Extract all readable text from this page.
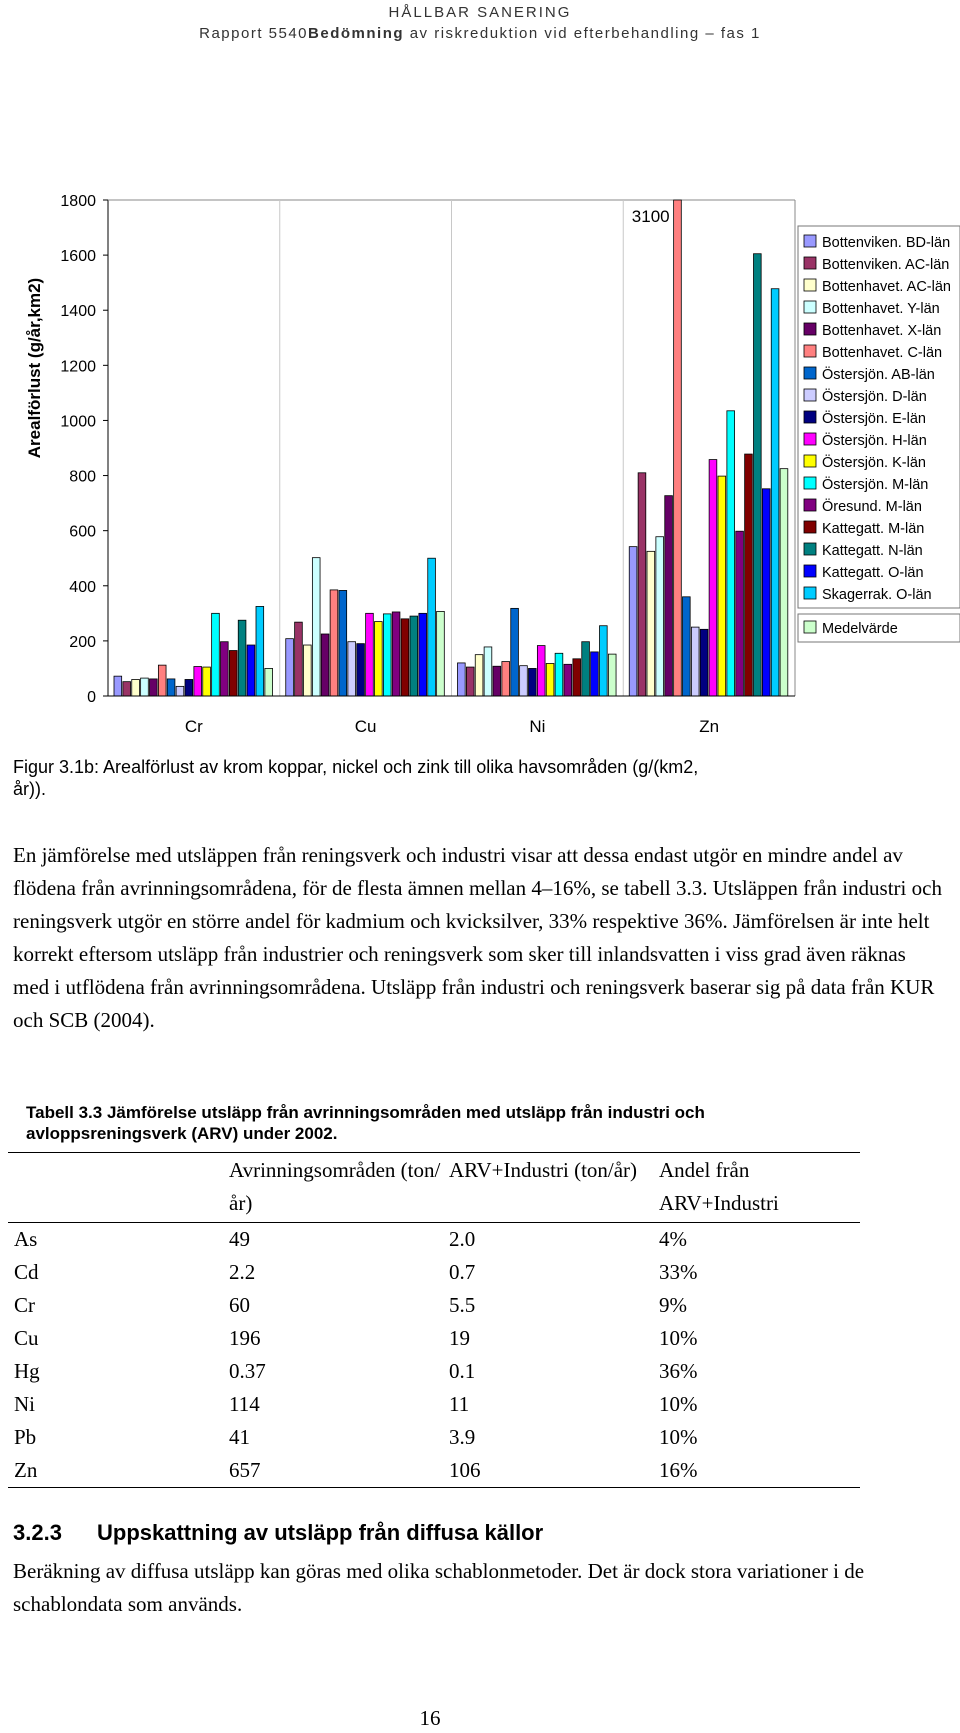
HÅLLBAR SANERING
Rapport 5540Bedömning av riskreduktion vid efterbehandling – fas 1
0
200
400
600
800
1000
1200
1400
1600
1800
Cr	Cu	Ni	Zn
3100
Bottenviken. BD-län
Bottenviken. AC-län
Bottenhavet. AC-län
Bottenhavet. Y-län
Bottenhavet. X-län
Bottenhavet. C-län
Östersjön. AB-län
Östersjön. D-län
Östersjön. E-län
Östersjön. H-län
Östersjön. K-län
Östersjön. M-län
Öresund. M-län
Kattegatt. M-län
Kattegatt. N-län
Kattegatt. O-län
Skagerrak. O-län
Medelvärde
Arealförlust (g/år,km2)
Figur 3.1b: Arealförlust av krom koppar, nickel och zink till olika havsområden (g/(km2, år)).

En jämförelse med utsläppen från reningsverk och industri visar att dessa endast utgör en mindre andel av flödena från avrinningsområdena, för de flesta ämnen mellan 4–16%, se tabell 3.3. Utsläppen från industri och reningsverk utgör en större andel för kadmium och kvicksilver, 33% respektive 36%. Jämförelsen är inte helt korrekt eftersom utsläpp från industrier och reningsverk som sker till inlandsvatten i viss grad även räknas med i utflödena från avrinningsområdena. Utsläpp från industri och reningsverk baserar sig på data från KUR och SCB (2004).

Tabell 3.3 Jämförelse utsläpp från avrinningsområden med utsläpp från industri och avloppsreningsverk (ARV) under 2002.
	Avrinningsområden (ton/år)	ARV+Industri (ton/år)	Andel från ARV+Industri
As	49	2.0	4%
Cd	2.2	0.7	33%
Cr	60	5.5	9%
Cu	196	19	10%
Hg	0.37	0.1	36%
Ni	114	11	10%
Pb	41	3.9	10%
Zn	657	106	16%
3.2.3 Uppskattning av utsläpp från diffusa källor

Beräkning av diffusa utsläpp kan göras med olika schablonmetoder. Det är dock stora variationer i de schablondata som används.

16
